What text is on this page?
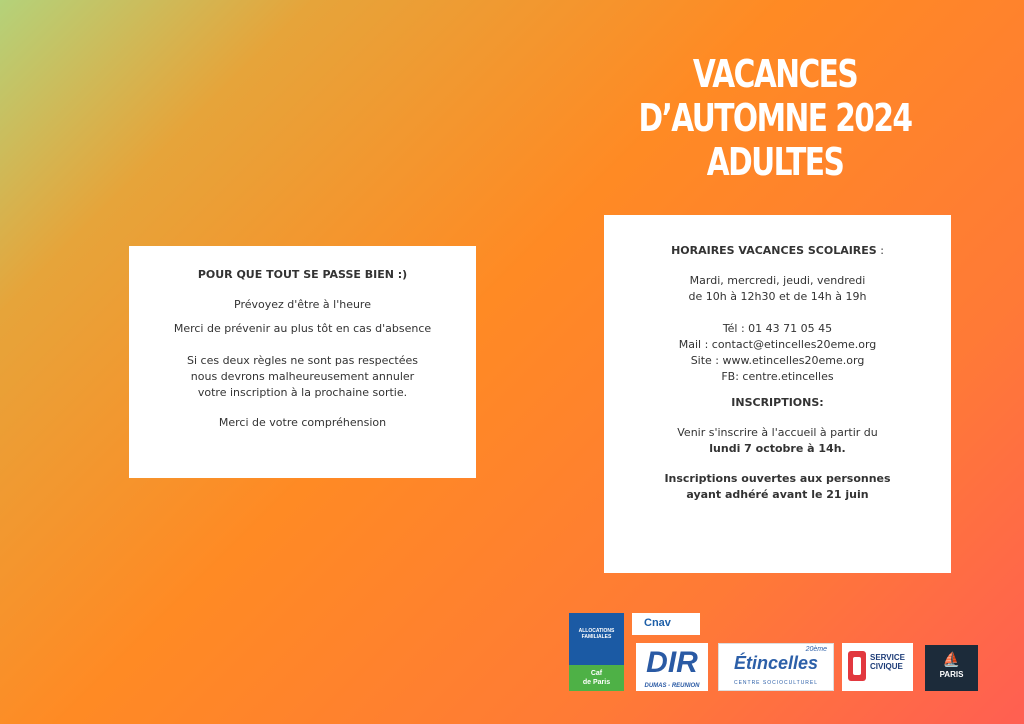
VACANCES D’AUTOMNE 2024
ADULTES
POUR QUE TOUT SE PASSE BIEN :)
Prévoyez d'être à l'heure
Merci de prévenir au plus tôt en cas d'absence
Si ces deux règles ne sont pas respectées
nous devrons malheureusement annuler
votre inscription à la prochaine sortie.
Merci de votre compréhension
HORAIRES VACANCES SCOLAIRES :
Mardi, mercredi, jeudi, vendredi
de 10h à 12h30 et de 14h à 19h
Tél : 01 43 71 05 45
Mail : contact@etincelles20eme.org
Site : www.etincelles20eme.org
FB: centre.etincelles
INSCRIPTIONS:
Venir s'inscrire à l'accueil à partir du
lundi 7 octobre à 14h.
Inscriptions ouvertes aux personnes
ayant adhéré avant le 21 juin
ALLOCATIONS FAMILIALES
Caf
de Paris
Cnav
DIR
DUMAS - REUNION
20ème
Étincelles
CENTRE SOCIOCULTUREL
SERVICE
CIVIQUE	⛵
PARIS
